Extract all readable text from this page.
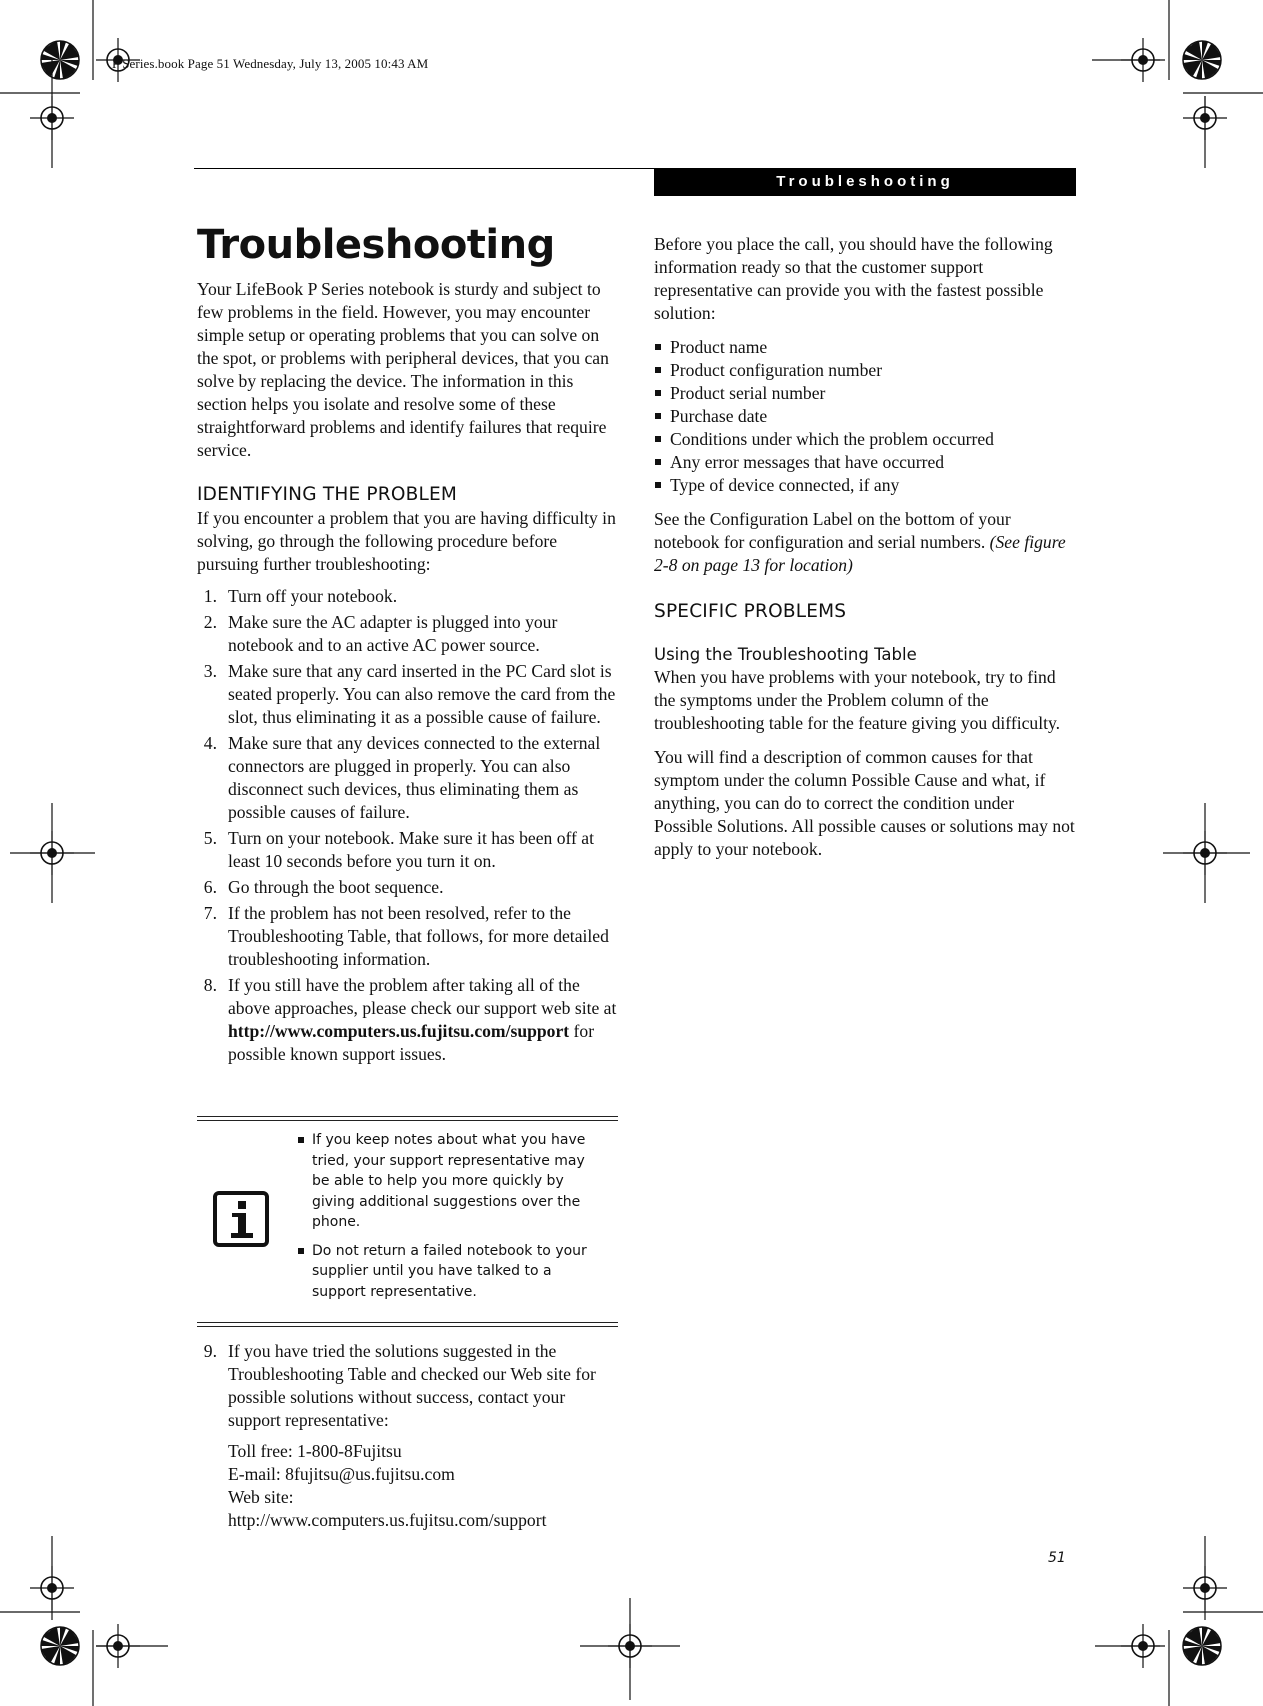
P Series.book Page 51 Wednesday, July 13, 2005 10:43 AM
Troubleshooting
Troubleshooting

Your LifeBook P Series notebook is sturdy and subject to few problems in the field. However, you may encounter simple setup or operating problems that you can solve on the spot, or problems with peripheral devices, that you can solve by replacing the device. The information in this section helps you isolate and resolve some of these straightforward problems and identify failures that require service.

IDENTIFYING THE PROBLEM

If you encounter a problem that you are having difficulty in solving, go through the following procedure before pursuing further troubleshooting:

1. Turn off your notebook.
2. Make sure the AC adapter is plugged into your notebook and to an active AC power source.
3. Make sure that any card inserted in the PC Card slot is seated properly. You can also remove the card from the slot, thus eliminating it as a possible cause of failure.
4. Make sure that any devices connected to the external connectors are plugged in properly. You can also disconnect such devices, thus eliminating them as possible causes of failure.
5. Turn on your notebook. Make sure it has been off at least 10 seconds before you turn it on.
6. Go through the boot sequence.
7. If the problem has not been resolved, refer to the Troubleshooting Table, that follows, for more detailed troubleshooting information.
8. If you still have the problem after taking all of the above approaches, please check our support web site at http://www.computers.us.fujitsu.com/support for possible known support issues.
If you keep notes about what you have tried, your support representative may be able to help you more quickly by giving additional suggestions over the phone.
Do not return a failed notebook to your supplier until you have talked to a support representative.
9. If you have tried the solutions suggested in the Troubleshooting Table and checked our Web site for possible solutions without success, contact your support representative:

Toll free: 1-800-8Fujitsu

E-mail: 8fujitsu@us.fujitsu.com

Web site:

http://www.computers.us.fujitsu.com/support

Before you place the call, you should have the following information ready so that the customer support representative can provide you with the fastest possible solution:

Product name
Product configuration number
Product serial number
Purchase date
Conditions under which the problem occurred
Any error messages that have occurred
Type of device connected, if any

See the Configuration Label on the bottom of your notebook for configuration and serial numbers. (See figure 2-8 on page 13 for location)

SPECIFIC PROBLEMS
Using the Troubleshooting Table

When you have problems with your notebook, try to find the symptoms under the Problem column of the troubleshooting table for the feature giving you difficulty.

You will find a description of common causes for that symptom under the column Possible Cause and what, if anything, you can do to correct the condition under Possible Solutions. All possible causes or solutions may not apply to your notebook.

51
